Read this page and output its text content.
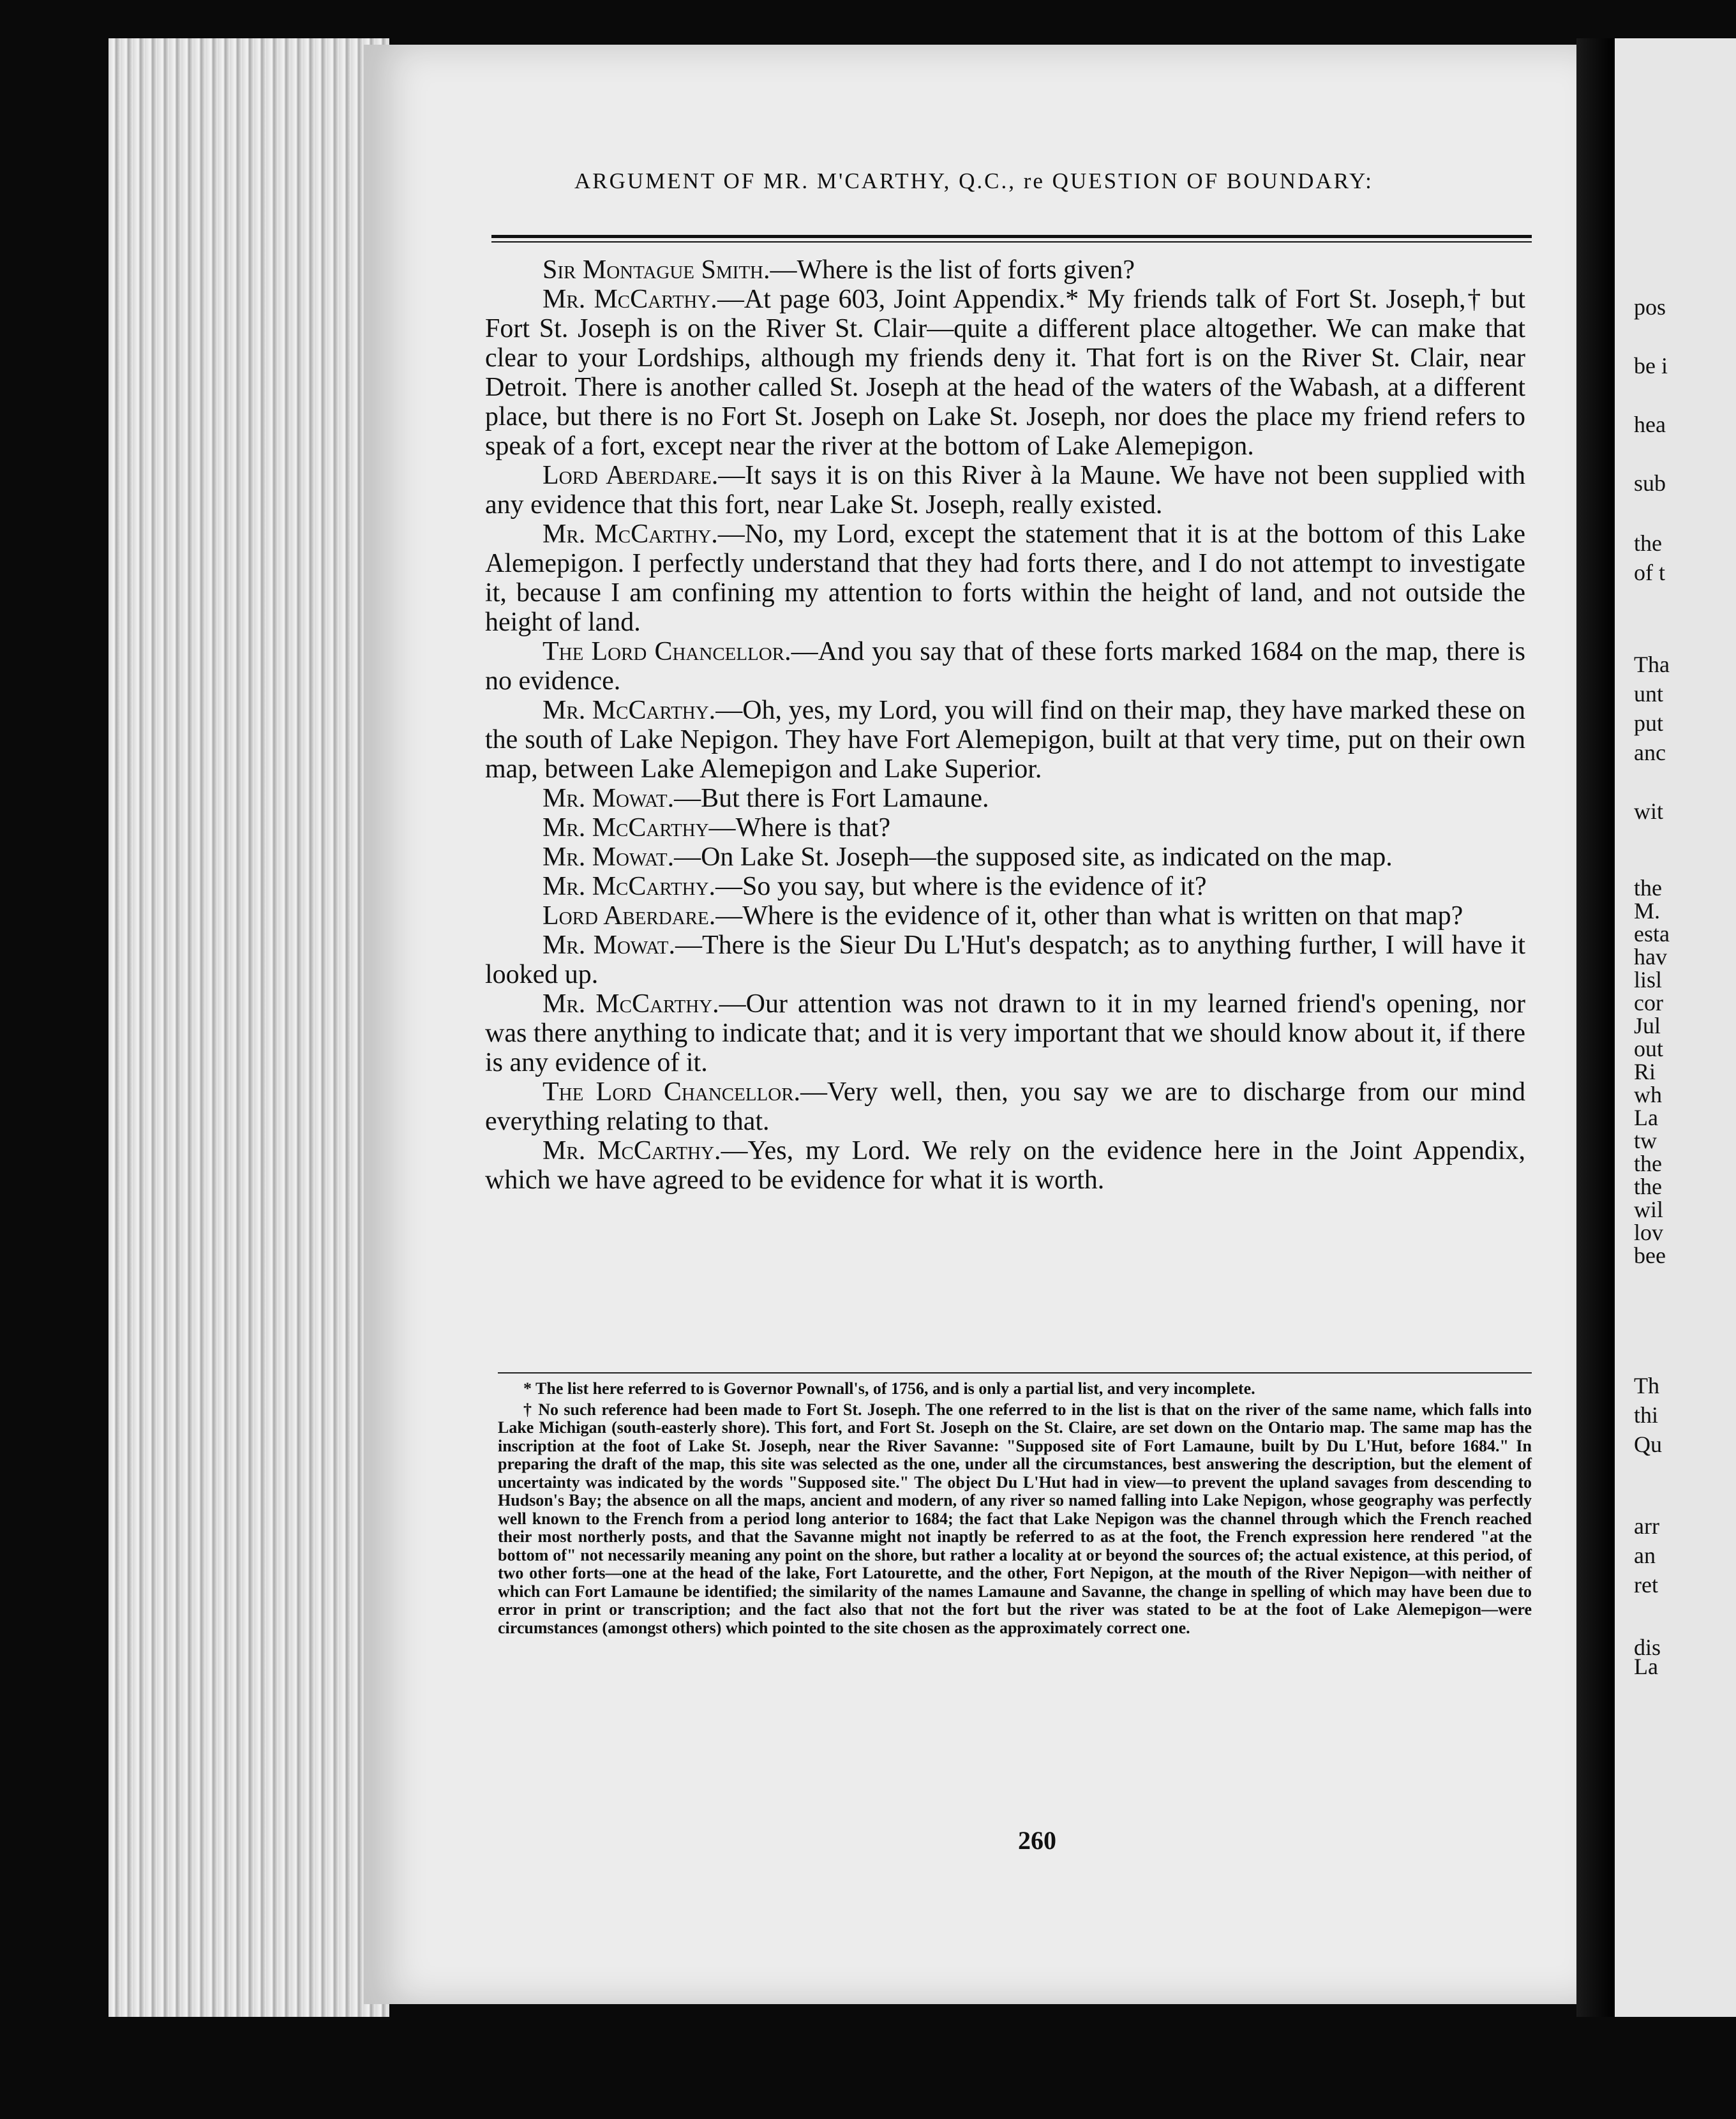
pos
be i
hea
sub
the
of t
Tha
unt
put
anc
wit
the
M.
esta
hav
lisl
cor
Jul
out
Ri
wh
La
tw
the
the
wil
lov
bee
Th
thi
Qu
arr
an
ret
dis
La
ARGUMENT OF MR. M'CARTHY, Q.C., re QUESTION OF BOUNDARY:

Sir Montague Smith.—Where is the list of forts given?

Mr. McCarthy.—At page 603, Joint Appendix.* My friends talk of Fort St. Joseph,† but Fort St. Joseph is on the River St. Clair—quite a different place altogether. We can make that clear to your Lordships, although my friends deny it. That fort is on the River St. Clair, near Detroit. There is another called St. Joseph at the head of the waters of the Wabash, at a different place, but there is no Fort St. Joseph on Lake St. Joseph, nor does the place my friend refers to speak of a fort, except near the river at the bottom of Lake Alemepigon.

Lord Aberdare.—It says it is on this River à la Maune. We have not been supplied with any evidence that this fort, near Lake St. Joseph, really existed.

Mr. McCarthy.—No, my Lord, except the statement that it is at the bottom of this Lake Alemepigon. I perfectly understand that they had forts there, and I do not attempt to investigate it, because I am confining my attention to forts within the height of land, and not outside the height of land.

The Lord Chancellor.—And you say that of these forts marked 1684 on the map, there is no evidence.

Mr. McCarthy.—Oh, yes, my Lord, you will find on their map, they have marked these on the south of Lake Nepigon. They have Fort Alemepigon, built at that very time, put on their own map, between Lake Alemepigon and Lake Superior.

Mr. Mowat.—But there is Fort Lamaune.

Mr. McCarthy—Where is that?

Mr. Mowat.—On Lake St. Joseph—the supposed site, as indicated on the map.

Mr. McCarthy.—So you say, but where is the evidence of it?

Lord Aberdare.—Where is the evidence of it, other than what is written on that map?

Mr. Mowat.—There is the Sieur Du L'Hut's despatch; as to anything further, I will have it looked up.

Mr. McCarthy.—Our attention was not drawn to it in my learned friend's opening, nor was there anything to indicate that; and it is very important that we should know about it, if there is any evidence of it.

The Lord Chancellor.—Very well, then, you say we are to discharge from our mind everything relating to that.

Mr. McCarthy.—Yes, my Lord. We rely on the evidence here in the Joint Appendix, which we have agreed to be evidence for what it is worth.

* The list here referred to is Governor Pownall's, of 1756, and is only a partial list, and very incomplete.

† No such reference had been made to Fort St. Joseph. The one referred to in the list is that on the river of the same name, which falls into Lake Michigan (south-easterly shore). This fort, and Fort St. Joseph on the St. Claire, are set down on the Ontario map. The same map has the inscription at the foot of Lake St. Joseph, near the River Savanne: "Supposed site of Fort Lamaune, built by Du L'Hut, before 1684." In preparing the draft of the map, this site was selected as the one, under all the circumstances, best answering the description, but the element of uncertainty was indicated by the words "Supposed site." The object Du L'Hut had in view—to prevent the upland savages from descending to Hudson's Bay; the absence on all the maps, ancient and modern, of any river so named falling into Lake Nepigon, whose geography was perfectly well known to the French from a period long anterior to 1684; the fact that Lake Nepigon was the channel through which the French reached their most northerly posts, and that the Savanne might not inaptly be referred to as at the foot, the French expression here rendered "at the bottom of" not necessarily meaning any point on the shore, but rather a locality at or beyond the sources of; the actual existence, at this period, of two other forts—one at the head of the lake, Fort Latourette, and the other, Fort Nepigon, at the mouth of the River Nepigon—with neither of which can Fort Lamaune be identified; the similarity of the names Lamaune and Savanne, the change in spelling of which may have been due to error in print or transcription; and the fact also that not the fort but the river was stated to be at the foot of Lake Alemepigon—were circumstances (amongst others) which pointed to the site chosen as the approximately correct one.

260
